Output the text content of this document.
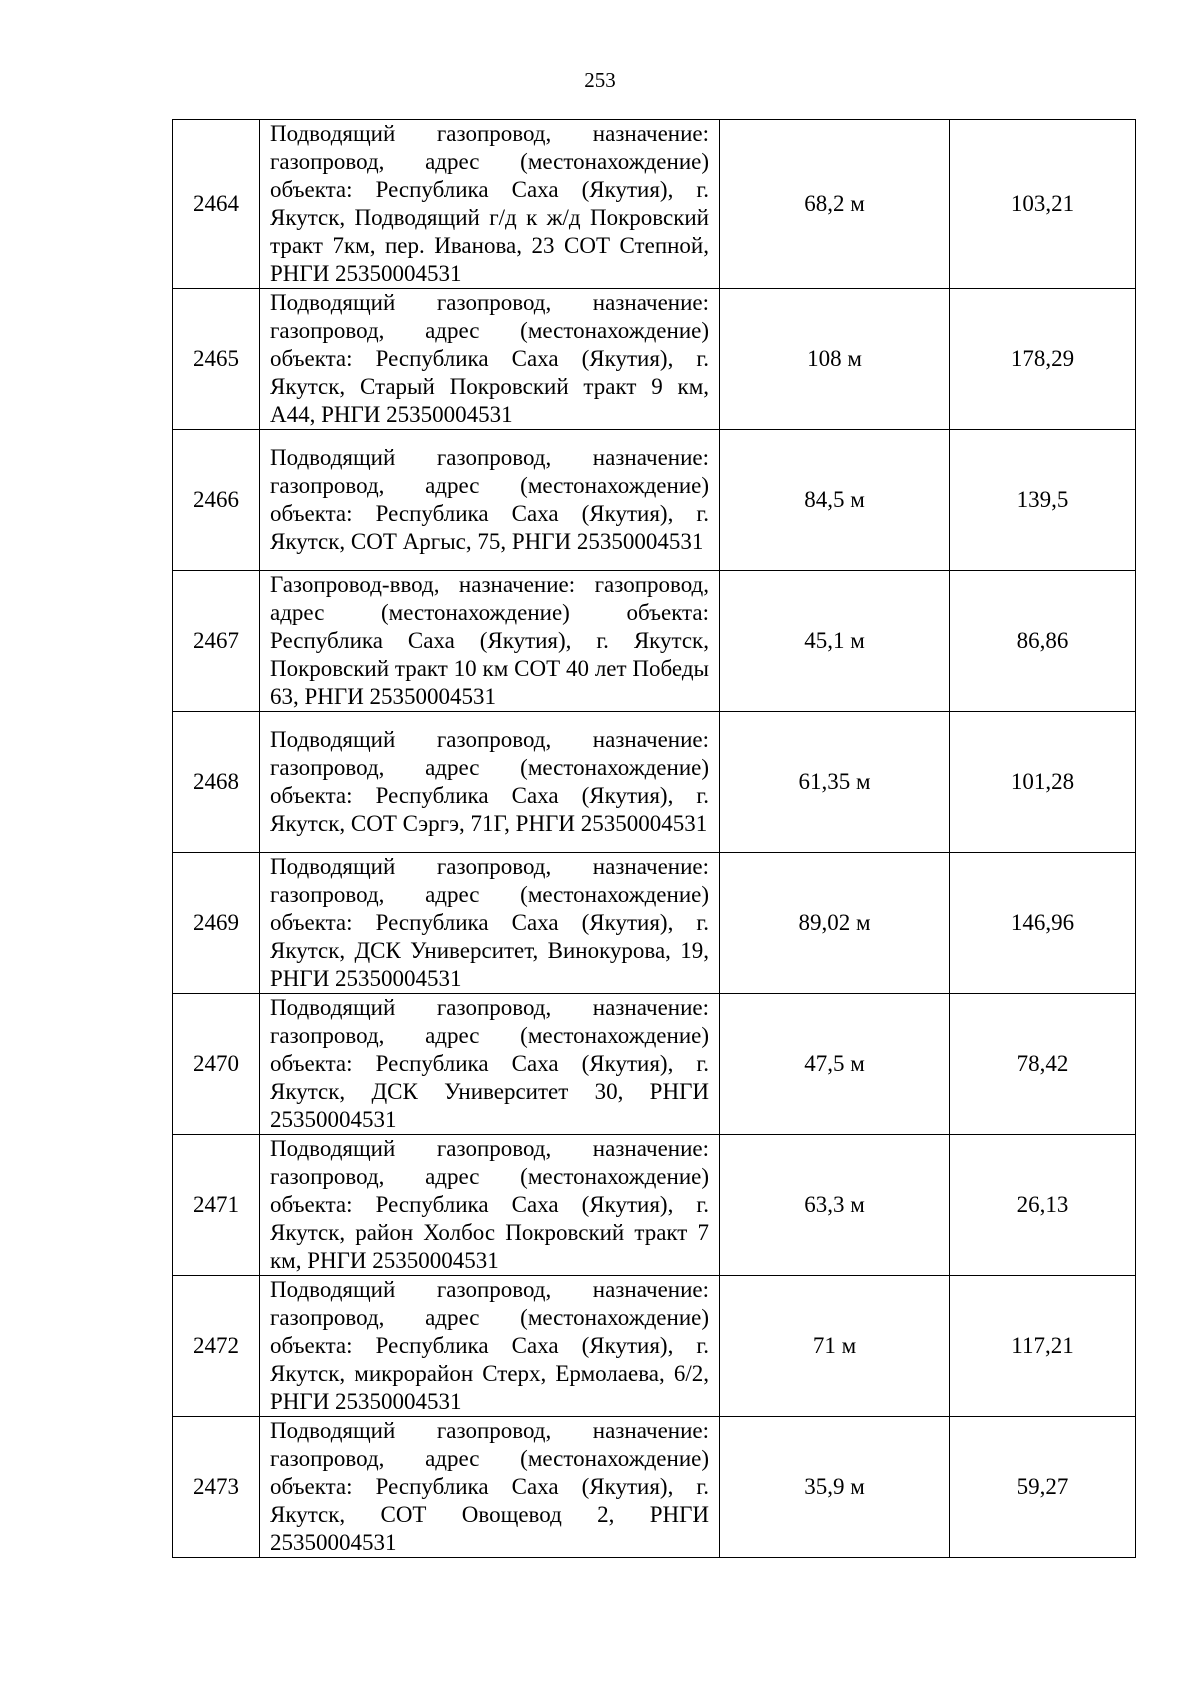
253
2464	Подводящий газопровод, назначение: газопровод, адрес (местонахождение) объекта: Республика Саха (Якутия), г. Якутск, Подводящий г/д к ж/д Покровский тракт 7км, пер. Иванова, 23 СОТ Степной, РНГИ 25350004531	68,2 м	103,21
2465	Подводящий газопровод, назначение: газопровод, адрес (местонахождение) объекта: Республика Саха (Якутия), г. Якутск, Старый Покровский тракт 9 км, А44, РНГИ 25350004531	108 м	178,29
2466	Подводящий газопровод, назначение: газопровод, адрес (местонахождение) объекта: Республика Саха (Якутия), г. Якутск, СОТ Аргыс, 75, РНГИ 25350004531	84,5 м	139,5
2467	Газопровод-ввод, назначение: газопровод, адрес (местонахождение) объекта: Республика Саха (Якутия), г. Якутск, Покровский тракт 10 км СОТ 40 лет Победы 63, РНГИ 25350004531	45,1 м	86,86
2468	Подводящий газопровод, назначение: газопровод, адрес (местонахождение) объекта: Республика Саха (Якутия), г. Якутск, СОТ Сэргэ, 71Г, РНГИ 25350004531	61,35 м	101,28
2469	Подводящий газопровод, назначение: газопровод, адрес (местонахождение) объекта: Республика Саха (Якутия), г. Якутск, ДСК Университет, Винокурова, 19, РНГИ 25350004531	89,02 м	146,96
2470	Подводящий газопровод, назначение: газопровод, адрес (местонахождение) объекта: Республика Саха (Якутия), г. Якутск, ДСК Университет 30, РНГИ 25350004531	47,5 м	78,42
2471	Подводящий газопровод, назначение: газопровод, адрес (местонахождение) объекта: Республика Саха (Якутия), г. Якутск, район Холбос Покровский тракт 7 км, РНГИ 25350004531	63,3 м	26,13
2472	Подводящий газопровод, назначение: газопровод, адрес (местонахождение) объекта: Республика Саха (Якутия), г. Якутск, микрорайон Стерх, Ермолаева, 6/2, РНГИ 25350004531	71 м	117,21
2473	Подводящий газопровод, назначение: газопровод, адрес (местонахождение) объекта: Республика Саха (Якутия), г. Якутск, СОТ Овощевод 2, РНГИ 25350004531	35,9 м	59,27
